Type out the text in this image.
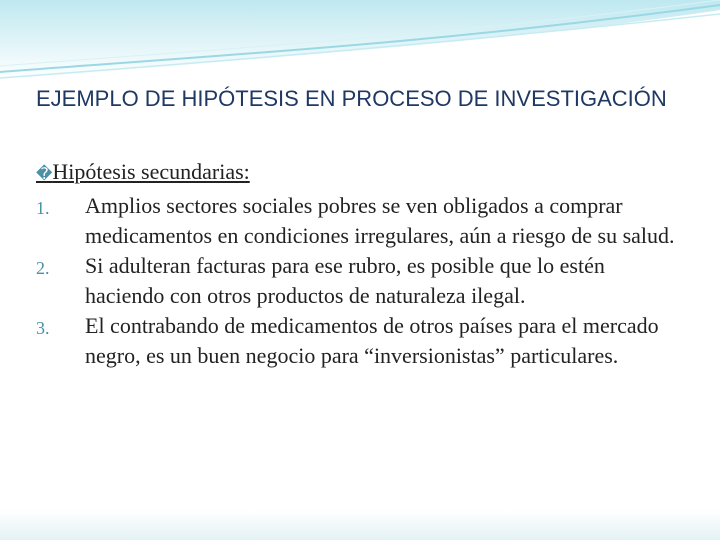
EJEMPLO DE HIPÓTESIS EN PROCESO DE INVESTIGACIÓN
�Hipótesis secundarias:
1. Amplios sectores sociales pobres se ven obligados a comprar medicamentos en condiciones irregulares, aún a riesgo de su salud.
2. Si adulteran facturas para ese rubro, es posible que lo estén haciendo con otros productos de naturaleza ilegal.
3. El contrabando de medicamentos de otros países para el mercado negro, es un buen negocio para “inversionistas” particulares.
